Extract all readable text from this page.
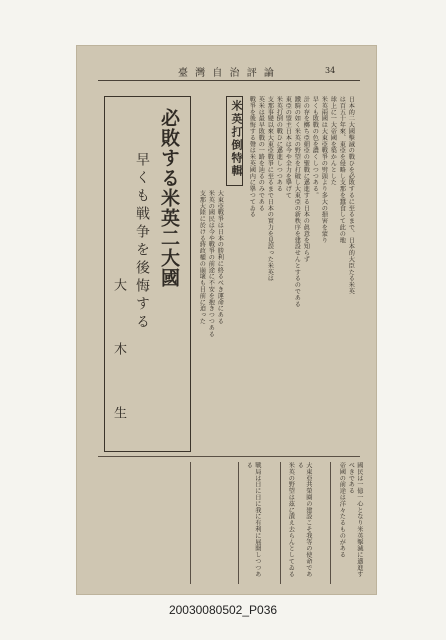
臺 灣 自 治 評 論	34
必敗する米英二大國
早くも戦争を後悔する
大 木 生
米英打倒特輯	日本的二大國擊滅の戰ひを必敗するに至るまで、日本的大臣たる米英
は百五十年來、東亞を侵略し支那を蠶食して此の地
球上に一大帝國を築かんとした
米英兩國は大東亞戰爭の劈頭より多大の損害を蒙り
早くも敗戰の色を濃くしつつある。
計の存を擲ち亞細亞の聖戰に邁進する日本の眞意を知らず
鐵騎の如く米英の野望を打破し大東亞の新秩序を建設せんとするのである
東亞の盟主日本は今や全力を擧げて
米英打倒の戰ひに邁進しつつある
支那事變以來大東亞戰爭に至るまで日本の實力を見誤った米英は
英米は最早敗戰の一路を辿るのみである
戰爭を後悔する聲は米英國内に擧つてゐる
大東亞戰爭は日本の勝利に終るべき運命にある
米英の國民は今や戰爭の前途に不安を抱きつつある
支那大陸に於ける蔣政權の崩壞も目前に迫った
國民は一億一心となり米英擊滅に邁進すべきである
帝國の前途は洋々たるものがある
大東亞共榮圈の建設こそ我等の使命である
米英の野望は茲に潰え去らんとしてゐる
戰局は日に日に我に有利に展開しつつある
20030080502_P036
